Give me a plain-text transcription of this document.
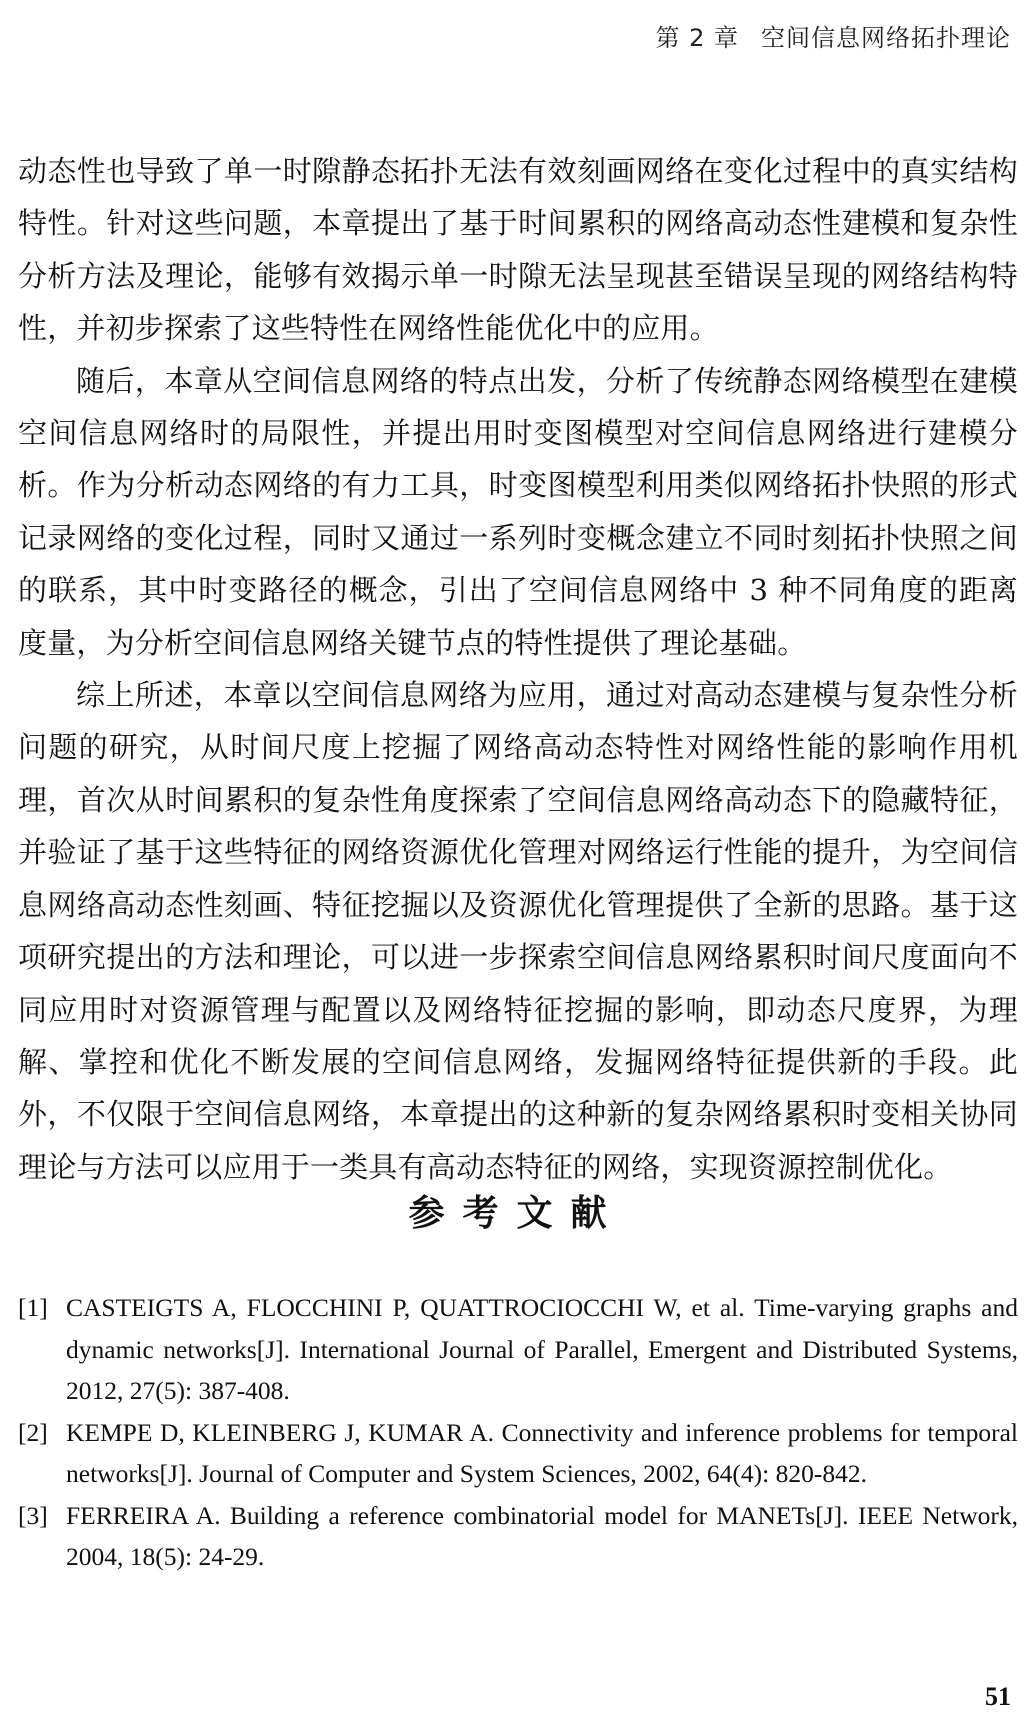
第 2 章 空间信息网络拓扑理论

动态性也导致了单一时隙静态拓扑无法有效刻画网络在变化过程中的真实结构特性。针对这些问题，本章提出了基于时间累积的网络高动态性建模和复杂性分析方法及理论，能够有效揭示单一时隙无法呈现甚至错误呈现的网络结构特性，并初步探索了这些特性在网络性能优化中的应用。

随后，本章从空间信息网络的特点出发，分析了传统静态网络模型在建模空间信息网络时的局限性，并提出用时变图模型对空间信息网络进行建模分析。作为分析动态网络的有力工具，时变图模型利用类似网络拓扑快照的形式记录网络的变化过程，同时又通过一系列时变概念建立不同时刻拓扑快照之间的联系，其中时变路径的概念，引出了空间信息网络中 3 种不同角度的距离度量，为分析空间信息网络关键节点的特性提供了理论基础。

综上所述，本章以空间信息网络为应用，通过对高动态建模与复杂性分析问题的研究，从时间尺度上挖掘了网络高动态特性对网络性能的影响作用机理，首次从时间累积的复杂性角度探索了空间信息网络高动态下的隐藏特征，并验证了基于这些特征的网络资源优化管理对网络运行性能的提升，为空间信息网络高动态性刻画、特征挖掘以及资源优化管理提供了全新的思路。基于这项研究提出的方法和理论，可以进一步探索空间信息网络累积时间尺度面向不同应用时对资源管理与配置以及网络特征挖掘的影响，即动态尺度界，为理解、掌控和优化不断发展的空间信息网络，发掘网络特征提供新的手段。此外，不仅限于空间信息网络，本章提出的这种新的复杂网络累积时变相关协同理论与方法可以应用于一类具有高动态特征的网络，实现资源控制优化。

参考文献
[1] CASTEIGTS A, FLOCCHINI P, QUATTROCIOCCHI W, et al. Time-varying graphs and dynamic networks[J]. International Journal of Parallel, Emergent and Distributed Systems, 2012, 27(5): 387-408.
[2] KEMPE D, KLEINBERG J, KUMAR A. Connectivity and inference problems for temporal networks[J]. Journal of Computer and System Sciences, 2002, 64(4): 820-842.
[3] FERREIRA A. Building a reference combinatorial model for MANETs[J]. IEEE Network, 2004, 18(5): 24-29.
51
